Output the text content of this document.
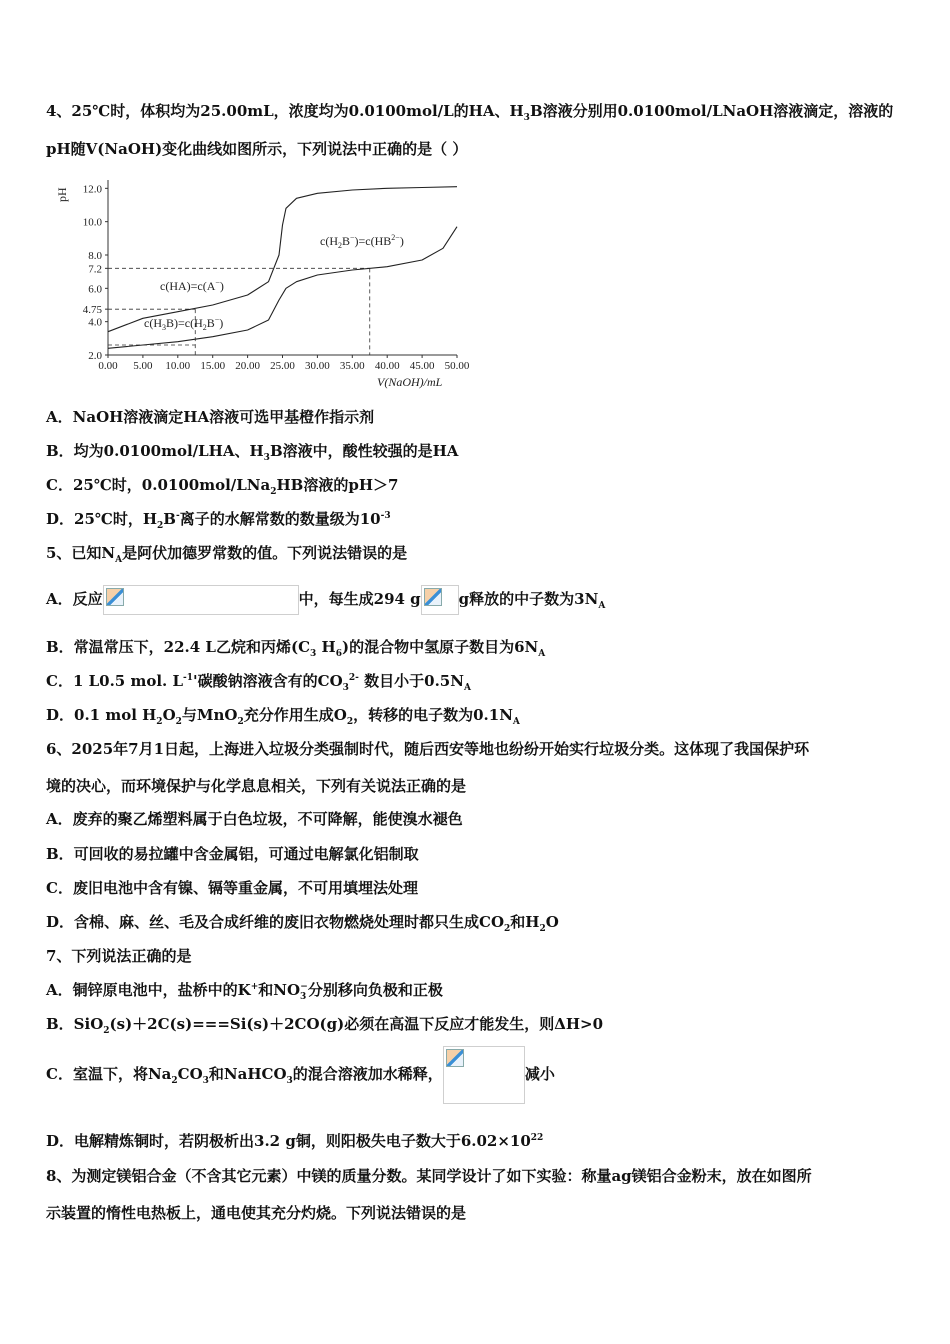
4、25℃时，体积均为25.00mL，浓度均为0.0100mol/L的HA、$H_3B$溶液分别用0.0100mol/LNaOH溶液滴定，溶液的
pH随V(NaOH)变化曲线如图所示，下列说法中正确的是（ ）
2.0
4.0
4.75
6.0
7.2
8.0
10.0
12.0
0.00 5.00 10.00 15.00 20.00 25.00 30.00 35.00 40.00 45.00 50.00
pH
V(NaOH)/mL
c(HA)=c(A−)
$c(H_3B)=c(H_2B^-)$
$c(H_2B^-)=c(HB^{2-})$
A．NaOH溶液滴定HA溶液可选甲基橙作指示剂
B．均为0.0100mol/LHA、$H_3B$溶液中，酸性较强的是HA
C．25℃时，0.0100mol/LNa$_2$HB溶液的pH＞7
D．25℃时，$H_2B^-$离子的水解常数的数量级为$10^{-3}$
5、已知$N_A$是阿伏加德罗常数的值。下列说法错误的是
A．反应	中，每生成294 g	g释放的中子数为$3N_A$
B．常温常压下，22.4 L乙烷和丙烯($C_3$ $H_6$)的混合物中氢原子数目为$6N_A$
C．1 L0.5 mol. $L^{-1}'$碳酸钠溶液含有的$CO_3^{2-}$ 数目小于$0.5N_A$
D．0.1 mol $H_2O_2$与MnO$_2$充分作用生成$O_2$，转移的电子数为$0.1N_A$
6、2025年7月1日起，上海进入垃圾分类强制时代，随后西安等地也纷纷开始实行垃圾分类。这体现了我国保护环
境的决心，而环境保护与化学息息相关，下列有关说法正确的是
A．废弃的聚乙烯塑料属于白色垃圾，不可降解，能使溴水褪色
B．可回收的易拉罐中含金属铝，可通过电解氯化铝制取
C．废旧电池中含有镍、镉等重金属，不可用填埋法处理
D．含棉、麻、丝、毛及合成纤维的废旧衣物燃烧处理时都只生成$CO_2$和$H_2O$
7、下列说法正确的是
A．铜锌原电池中，盐桥中的K+和$NO_3^-$分别移向负极和正极
B．SiO$_2$(s)＋2C(s)===Si(s)＋2CO(g)必须在高温下反应才能发生，则ΔH>0
C．室温下，将$Na_2CO_3$和NaHCO$_3$的混合溶液加水稀释，	减小
D．电解精炼铜时，若阴极析出3.2 g铜，则阳极失电子数大于$6.02\times 10^{22}$
8、为测定镁铝合金（不含其它元素）中镁的质量分数。某同学设计了如下实验：称量ag镁铝合金粉末，放在如图所
示装置的惰性电热板上，通电使其充分灼烧。下列说法错误的是
